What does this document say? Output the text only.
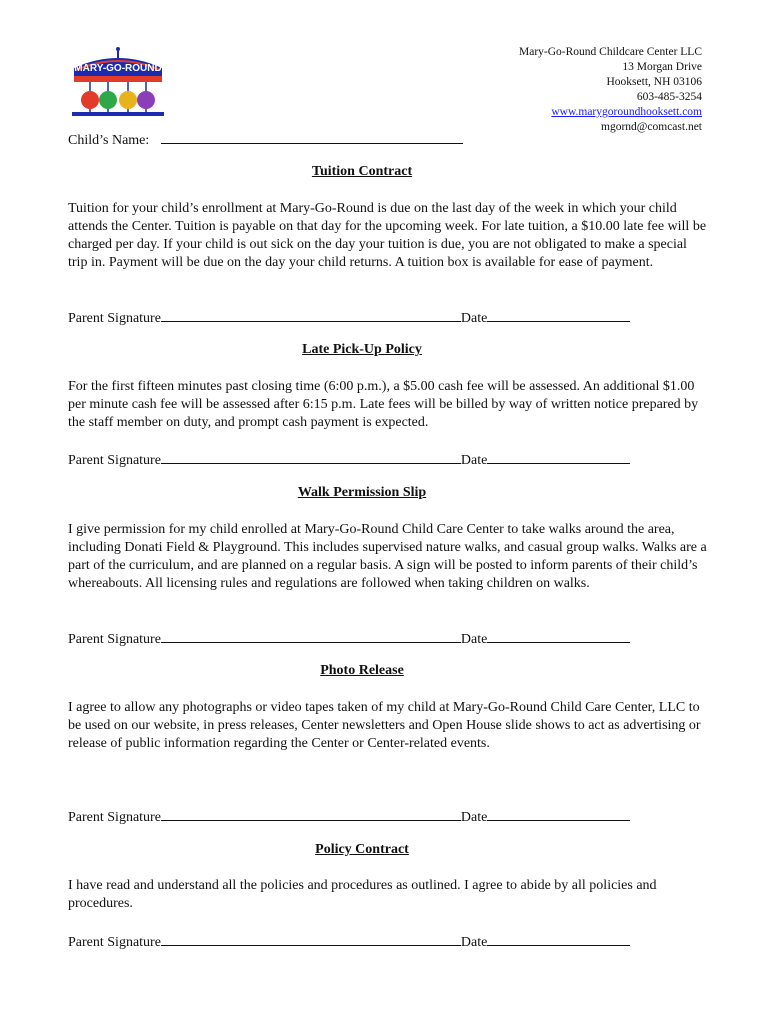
MARY-GO-ROUND
Mary-Go-Round Childcare Center LLC
13 Morgan Drive
Hooksett, NH 03106
603-485-3254
www.marygoroundhooksett.com
mgornd@comcast.net
Child’s Name:
Tuition Contract

Tuition for your child’s enrollment at Mary-Go-Round is due on the last day of the week in which your child attends the Center. Tuition is payable on that day for the upcoming week. For late tuition, a $10.00 late fee will be charged per day. If your child is out sick on the day your tuition is due, you are not obligated to make a special trip in. Payment will be due on the day your child returns. A tuition box is available for ease of payment.

Parent Signature	Date
Late Pick-Up Policy

For the first fifteen minutes past closing time (6:00 p.m.), a $5.00 cash fee will be assessed. An additional $1.00 per minute cash fee will be assessed after 6:15 p.m. Late fees will be billed by way of written notice prepared by the staff member on duty, and prompt cash payment is expected.

Parent Signature	Date
Walk Permission Slip

I give permission for my child enrolled at Mary-Go-Round Child Care Center to take walks around the area, including Donati Field & Playground. This includes supervised nature walks, and casual group walks. Walks are a part of the curriculum, and are planned on a regular basis. A sign will be posted to inform parents of their child’s whereabouts. All licensing rules and regulations are followed when taking children on walks.

Parent Signature	Date
Photo Release

I agree to allow any photographs or video tapes taken of my child at Mary-Go-Round Child Care Center, LLC to be used on our website, in press releases, Center newsletters and Open House slide shows to act as advertising or release of public information regarding the Center or Center-related events.

Parent Signature	Date
Policy Contract

I have read and understand all the policies and procedures as outlined. I agree to abide by all policies and procedures.

Parent Signature	Date
